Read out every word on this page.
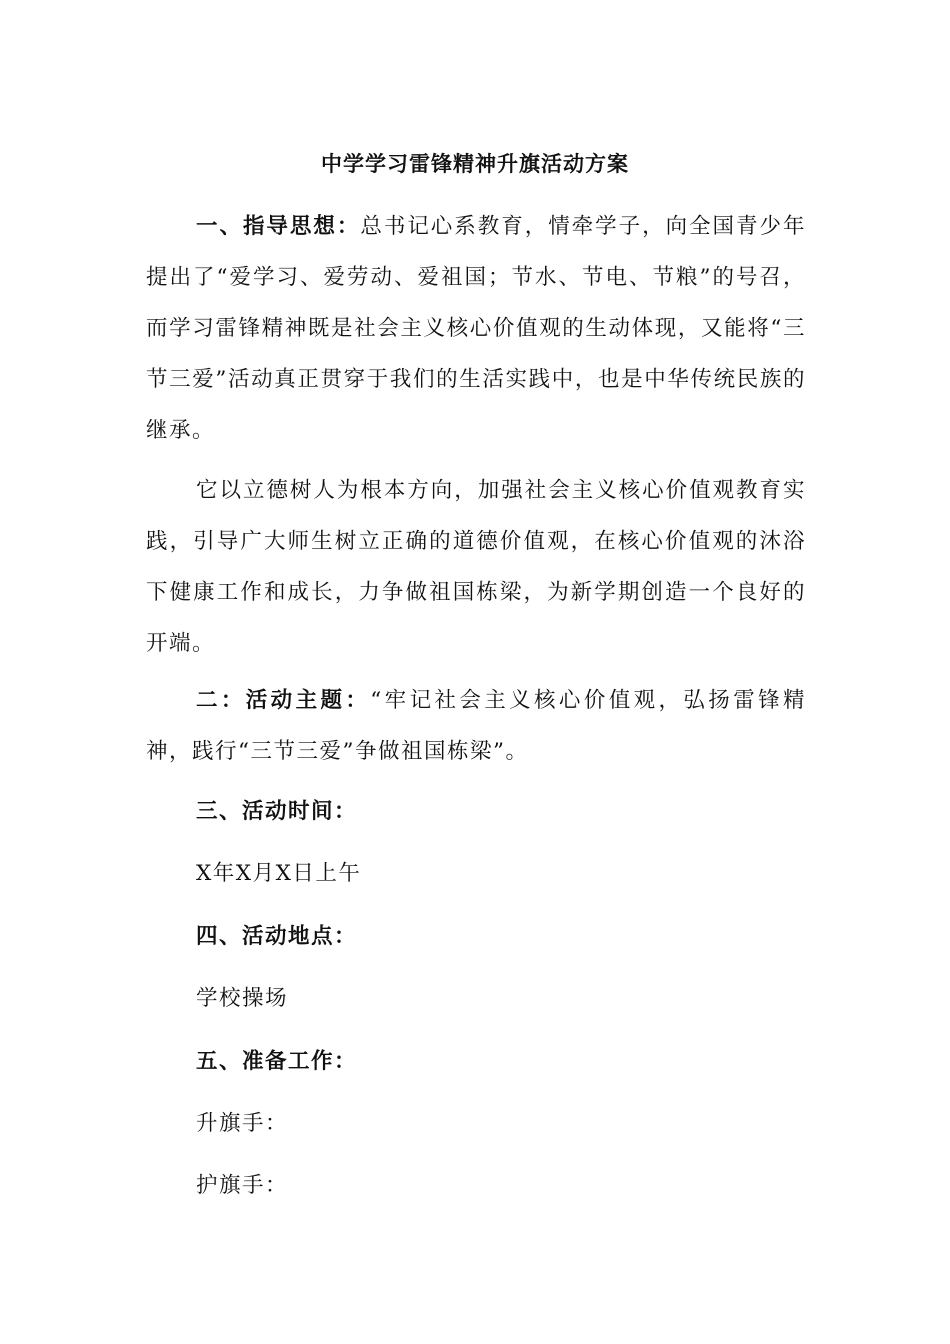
中学学习雷锋精神升旗活动方案

一、指导思想：总书记心系教育，情牵学子，向全国青少年提出了“爱学习、爱劳动、爱祖国；节水、节电、节粮”的号召，而学习雷锋精神既是社会主义核心价值观的生动体现，又能将“三节三爱”活动真正贯穿于我们的生活实践中，也是中华传统民族的继承。

它以立德树人为根本方向，加强社会主义核心价值观教育实践，引导广大师生树立正确的道德价值观，在核心价值观的沐浴下健康工作和成长，力争做祖国栋梁，为新学期创造一个良好的开端。

二：活动主题：“牢记社会主义核心价值观，弘扬雷锋精神，践行“三节三爱”争做祖国栋梁”。

三、活动时间：

X年X月X日上午

四、活动地点：

学校操场

五、准备工作：

升旗手：

护旗手：
